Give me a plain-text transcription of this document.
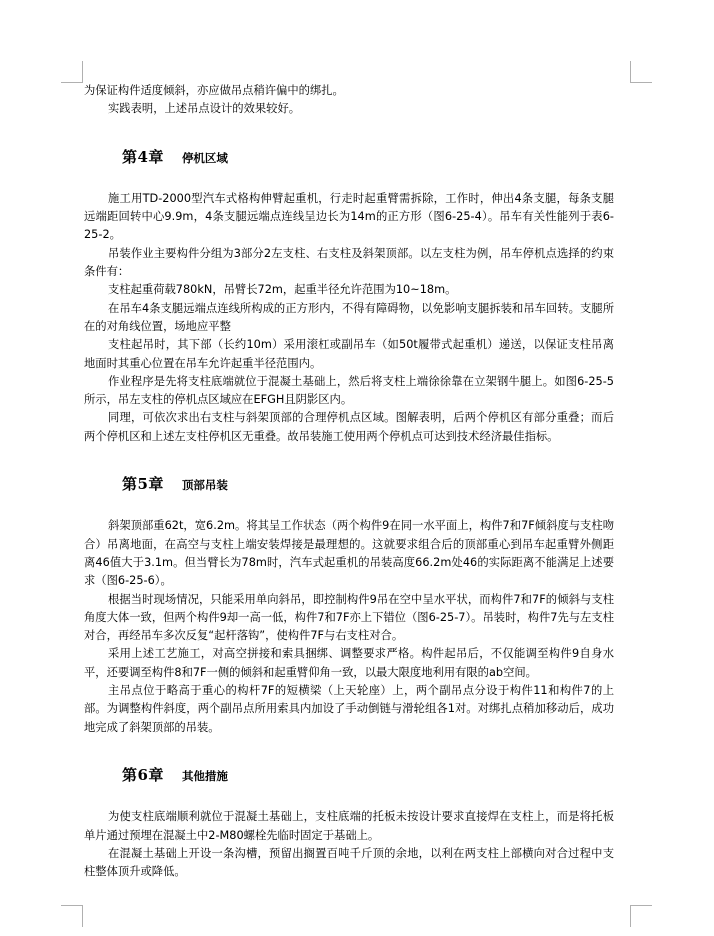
为保证构件适度倾斜，亦应做吊点稍许偏中的绑扎。

实践表明，上述吊点设计的效果较好。

第4章 停机区域

施工用TD-2000型汽车式格构伸臂起重机，行走时起重臂需拆除，工作时，伸出4条支腿，每条支腿远端距回转中心9.9m，4条支腿远端点连线呈边长为14m的正方形（图6-25-4）。吊车有关性能列于表6-25-2。

吊装作业主要构件分组为3部分2左支柱、右支柱及斜架顶部。以左支柱为例，吊车停机点选择的约束条件有：

支柱起重荷载780kN，吊臂长72m，起重半径允许范围为10~18m。

在吊车4条支腿远端点连线所构成的正方形内，不得有障碍物，以免影响支腿拆装和吊车回转。支腿所在的对角线位置，场地应平整

支柱起吊时，其下部（长约10m）采用滚杠或副吊车（如50t履带式起重机）递送，以保证支柱吊离地面时其重心位置在吊车允许起重半径范围内。

作业程序是先将支柱底端就位于混凝土基础上，然后将支柱上端徐徐靠在立架钢牛腿上。如图6-25-5所示，吊左支柱的停机点区域应在EFGH且阴影区内。

同理，可依次求出右支柱与斜架顶部的合理停机点区域。图解表明，后两个停机区有部分重叠；而后两个停机区和上述左支柱停机区无重叠。故吊装施工使用两个停机点可达到技术经济最佳指标。

第5章 顶部吊装

斜架顶部重62t，宽6.2m。将其呈工作状态（两个构件9在同一水平面上，构件7和7F倾斜度与支柱吻合）吊离地面，在高空与支柱上端安装焊接是最理想的。这就要求组合后的顶部重心到吊车起重臂外侧距离46值大于3.1m。但当臂长为78m时，汽车式起重机的吊装高度66.2m处46的实际距离不能满足上述要求（图6-25-6）。

根据当时现场情况，只能采用单向斜吊，即控制构件9吊在空中呈水平状，而构件7和7F的倾斜与支柱角度大体一致，但两个构件9却一高一低，构件7和7F亦上下错位（图6-25-7）。吊装时，构件7先与左支柱对合，再经吊车多次反复“起杆落钩”，使构件7F与右支柱对合。

采用上述工艺施工，对高空拼接和索具捆绑、调整要求严格。构件起吊后，不仅能调至构件9自身水平，还要调至构件8和7F一侧的倾斜和起重臂仰角一致，以最大限度地利用有限的ab空间。

主吊点位于略高于重心的构杆7F的短横梁（上天轮座）上，两个副吊点分设于构件11和构件7的上部。为调整构件斜度，两个副吊点所用索具内加设了手动倒链与滑轮组各1对。对绑扎点稍加移动后，成功地完成了斜架顶部的吊装。

第6章 其他措施

为使支柱底端顺利就位于混凝土基础上，支柱底端的托板未按设计要求直接焊在支柱上，而是将托板单片通过预埋在混凝土中2-M80螺栓先临时固定于基础上。

在混凝土基础上开设一条沟槽，预留出搁置百吨千斤顶的余地，以利在两支柱上部横向对合过程中支柱整体顶升或降低。
